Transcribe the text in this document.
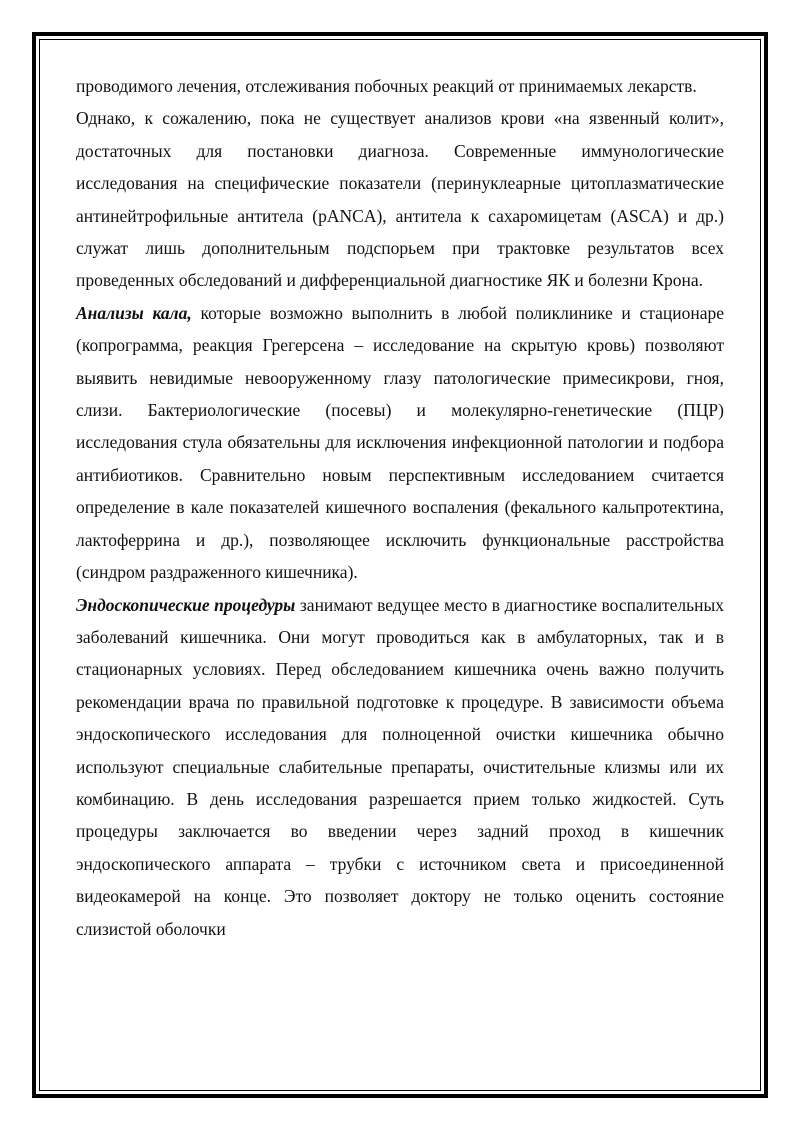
проводимого лечения, отслеживания побочных реакций от принимаемых лекарств.

Однако, к сожалению, пока не существует анализов крови «на язвенный колит», достаточных для постановки диагноза. Современные иммунологические исследования на специфические показатели (перинуклеарные цитоплазматические антинейтрофильные антитела (pANCA), антитела к сахаромицетам (ASCA) и др.) служат лишь дополнительным подспорьем при трактовке результатов всех проведенных обследований и дифференциальной диагностике ЯК и болезни Крона.

Анализы кала, которые возможно выполнить в любой поликлинике и стационаре (копрограмма, реакция Грегерсена – исследование на скрытую кровь) позволяют выявить невидимые невооруженному глазу патологические примесикрови, гноя, слизи. Бактериологические (посевы) и молекулярно-генетические (ПЦР) исследования стула обязательны для исключения инфекционной патологии и подбора антибиотиков. Сравнительно новым перспективным исследованием считается определение в кале показателей кишечного воспаления (фекального кальпротектина, лактоферрина и др.), позволяющее исключить функциональные расстройства (синдром раздраженного кишечника).

Эндоскопические процедуры занимают ведущее место в диагностике воспалительных заболеваний кишечника. Они могут проводиться как в амбулаторных, так и в стационарных условиях. Перед обследованием кишечника очень важно получить рекомендации врача по правильной подготовке к процедуре. В зависимости объема эндоскопического исследования для полноценной очистки кишечника обычно используют специальные слабительные препараты, очистительные клизмы или их комбинацию. В день исследования разрешается прием только жидкостей. Суть процедуры заключается во введении через задний проход в кишечник эндоскопического аппарата – трубки с источником света и присоединенной видеокамерой на конце. Это позволяет доктору не только оценить состояние слизистой оболочки
